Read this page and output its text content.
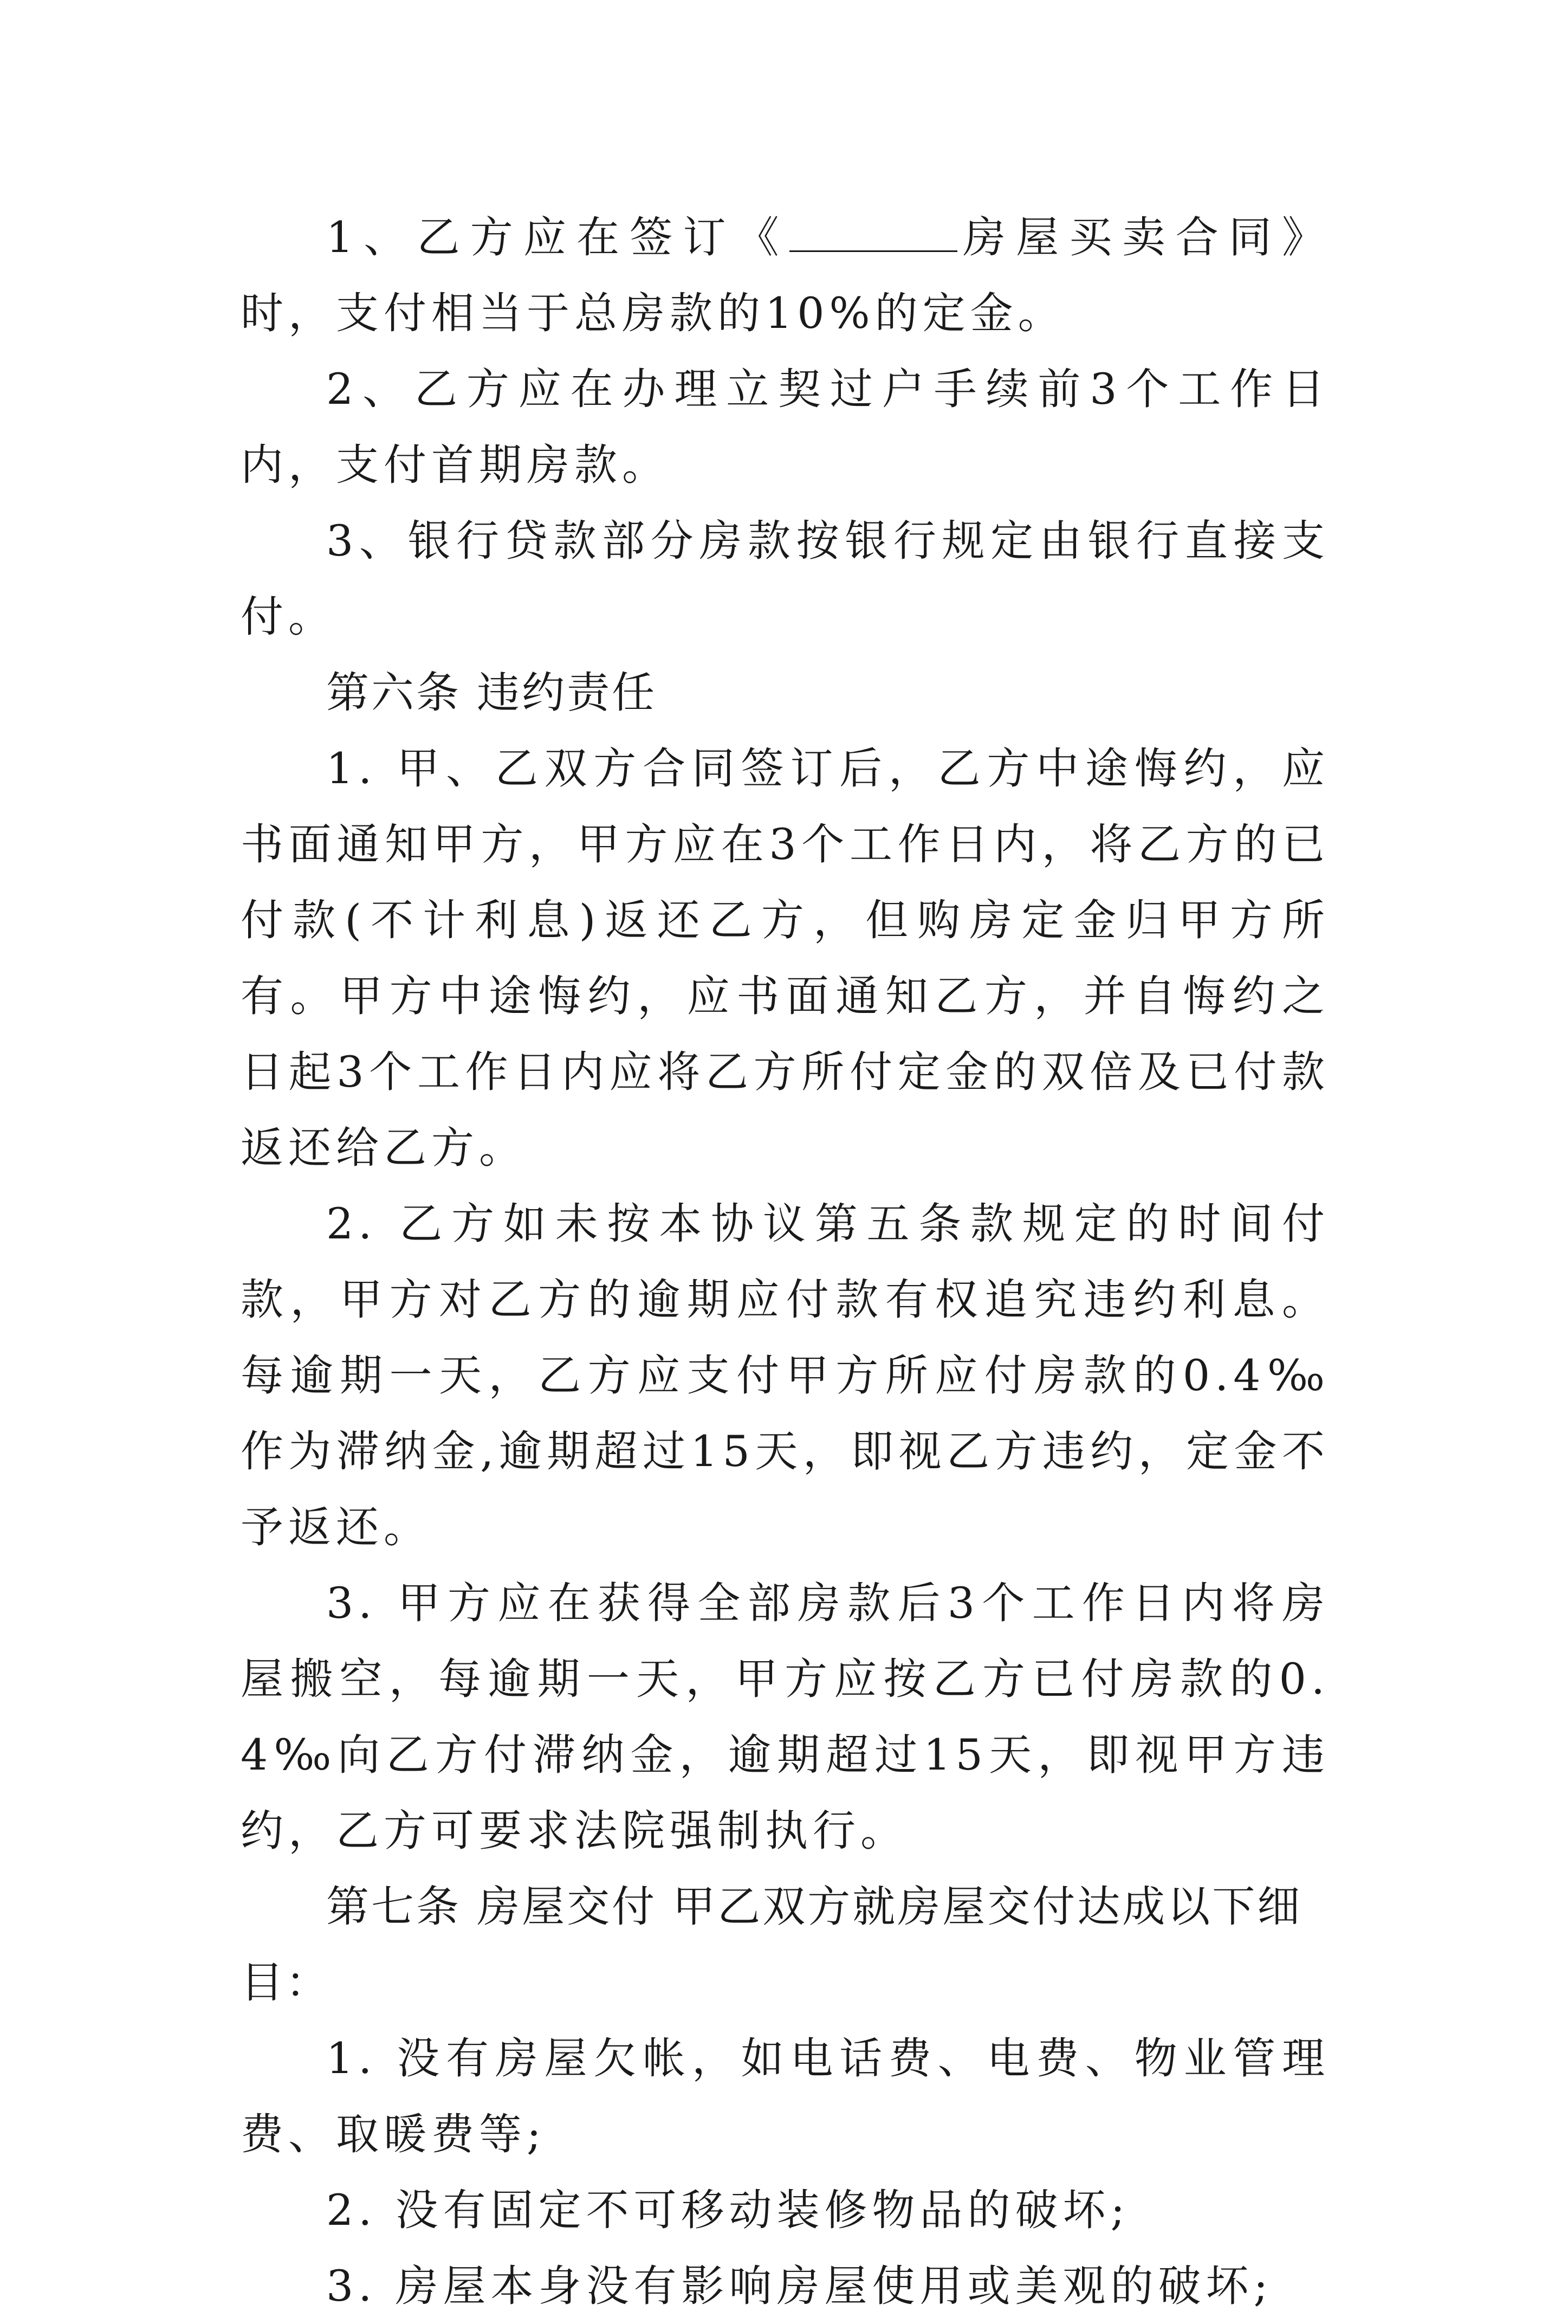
1、乙方应在签订《	房屋买卖合同》时，支付相当于总房款的10%的定金。

2、乙方应在办理立契过户手续前3个工作日内，支付首期房款。

3、银行贷款部分房款按银行规定由银行直接支付。

第六条 违约责任

1. 甲、乙双方合同签订后，乙方中途悔约，应书面通知甲方，甲方应在3个工作日内，将乙方的已付款(不计利息)返还乙方，但购房定金归甲方所有。甲方中途悔约，应书面通知乙方，并自悔约之日起3个工作日内应将乙方所付定金的双倍及已付款返还给乙方。

2. 乙方如未按本协议第五条款规定的时间付款，甲方对乙方的逾期应付款有权追究违约利息。每逾期一天，乙方应支付甲方所应付房款的0.4‰作为滞纳金,逾期超过15天，即视乙方违约，定金不予返还。

3. 甲方应在获得全部房款后3个工作日内将房屋搬空，每逾期一天，甲方应按乙方已付房款的0.4‰向乙方付滞纳金，逾期超过15天，即视甲方违约，乙方可要求法院强制执行。

第七条 房屋交付 甲乙双方就房屋交付达成以下细目：

1. 没有房屋欠帐，如电话费、电费、物业管理费、取暖费等;

2. 没有固定不可移动装修物品的破坏;

3. 房屋本身没有影响房屋使用或美观的破坏;
